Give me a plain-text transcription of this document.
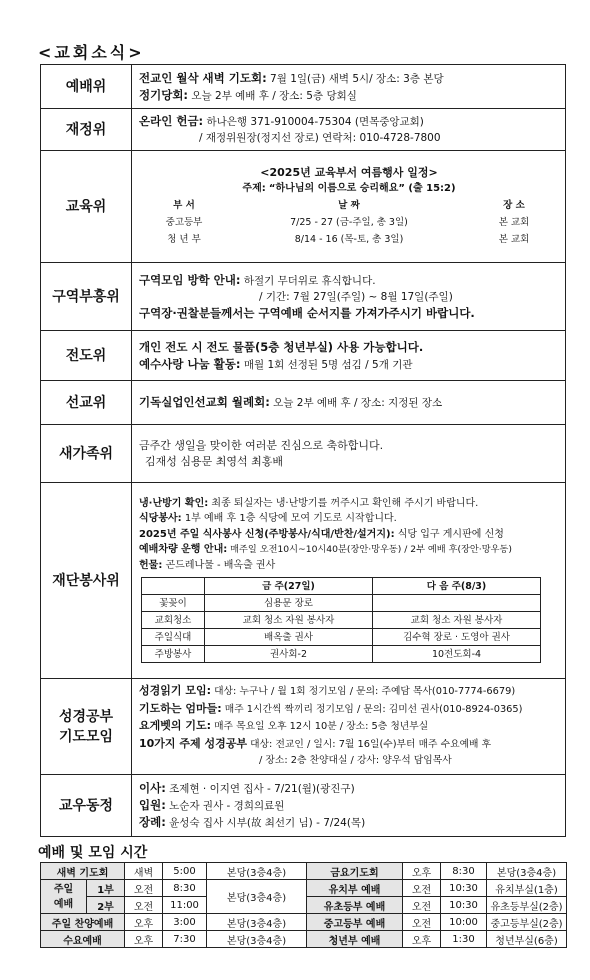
<교회소식>
예배위	
전교인 월삭 새벽 기도회: 7월 1일(금) 새벽 5시/ 장소: 3층 본당
정기당회: 오늘 2부 예배 후 / 장소: 5층 당회실

재정위	
온라인 헌금: 하나은행 371-910004-75304 (면목중앙교회)
/ 재정위원장(정지선 장로) 연락처: 010-4728-7800

교육위	
<2025년 교육부서 여름행사 일정>
주제: “하나님의 이름으로 승리해요” (출 15:2)
부 서	날 짜	장 소
중고등부	7/25 - 27 (금-주일, 총 3일)	본 교회
청 년 부	8/14 - 16 (목-토, 총 3일)	본 교회

구역부흥위	
구역모임 방학 안내: 하절기 무더위로 휴식합니다.
/ 기간: 7월 27일(주일) ~ 8월 17일(주일)
구역장·권찰분들께서는 구역예배 순서지를 가져가주시기 바랍니다.

전도위	
개인 전도 시 전도 물품(5층 청년부실) 사용 가능합니다.
예수사랑 나눔 활동: 매월 1회 선정된 5명 섬김 / 5개 기관

선교위	기독실업인선교회 월례회: 오늘 2부 예배 후 / 장소: 지정된 장소

새가족위	
금주간 생일을 맞이한 여러분 진심으로 축하합니다.
김재성 심용문 최영석 최홍배

재단봉사위	
냉·난방기 확인: 최종 퇴실자는 냉·난방기를 꺼주시고 확인해 주시기 바랍니다.
식당봉사: 1부 예배 후 1층 식당에 모여 기도로 시작합니다.
2025년 주일 식사봉사 신청(주방봉사/식대/반찬/설거지): 식당 입구 게시판에 신청
예배차량 운행 안내: 매주일 오전10시~10시40분(장안·망우동) / 2부 예배 후(장안·망우동)
헌물: 곤드레나물 - 배옥출 권사
	금 주(27일)	다 음 주(8/3)
꽃꽂이	심용문 장로	
교회청소	교회 청소 자원 봉사자	교회 청소 자원 봉사자
주일식대	배옥출 권사	김수혁 장로 · 도영아 권사
주방봉사	권사회-2	10전도회-4

성경공부 기도모임	
성경읽기 모임: 대상: 누구나 / 월 1회 정기모임 / 문의: 주예담 목사(010-7774-6679)
기도하는 엄마들: 매주 1시간씩 짝끼리 정기모임 / 문의: 김미선 권사(010-8924-0365)
요게벳의 기도: 매주 목요일 오후 12시 10분 / 장소: 5층 청년부실
10가지 주제 성경공부 대상: 전교인 / 일시: 7월 16일(수)부터 매주 수요예배 후
/ 장소: 2층 찬양대실 / 강사: 양우석 담임목사

교우동정	
이사: 조제현 · 이지연 집사 - 7/21(월)(광진구)
입원: 노순자 권사 - 경희의료원
장례: 윤성숙 집사 시부(故 최선기 님) - 7/24(목)
예배 및 모임 시간
새벽 기도회		새벽	5:00	본당(3층4층)	금요기도회	오후	8:30	본당(3층4층)
주일
예배	1부	오전	8:30	본당(3층4층)	유치부 예배	오전	10:30	유치부실(1층)
	2부	오전	11:00		유초등부 예배	오전	10:30	유초등부실(2층)
주일 찬양예배		오후	3:00	본당(3층4층)	중고등부 예배	오전	10:00	중고등부실(2층)
수요예배		오후	7:30	본당(3층4층)	청년부 예배	오후	1:30	청년부실(6층)
